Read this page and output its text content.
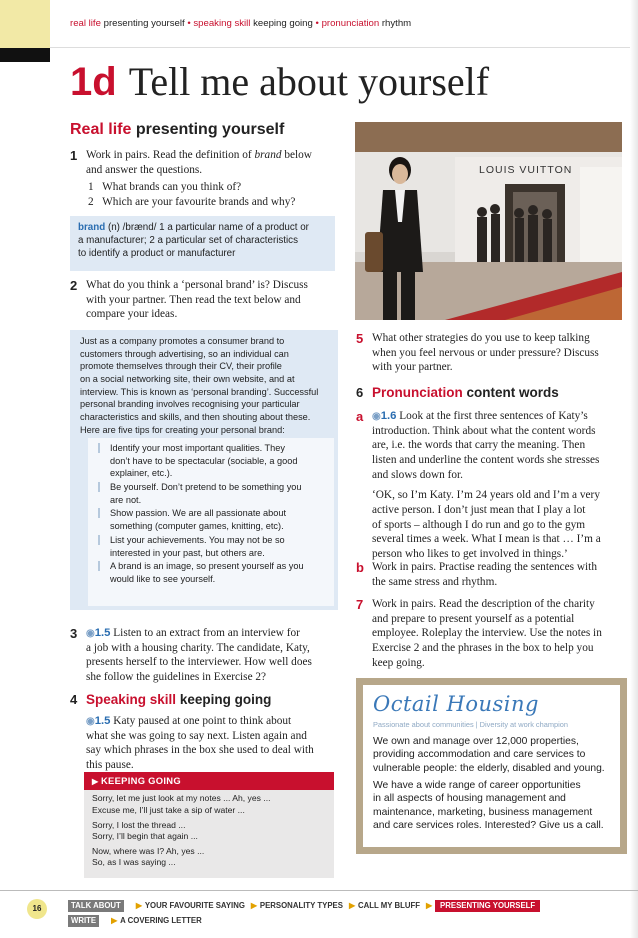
real life presenting yourself • speaking skill keeping going • pronunciation rhythm
1d Tell me about yourself
Real life presenting yourself
1 Work in pairs. Read the definition of brand below
and answer the questions.
1 What brands can you think of?
2 Which are your favourite brands and why?
brand (n) /brænd/ 1 a particular name of a product or
a manufacturer; 2 a particular set of characteristics
to identify a product or manufacturer
2 What do you think a ‘personal brand’ is? Discuss
with your partner. Then read the text below and
compare your ideas.
Just as a company promotes a consumer brand to
customers through advertising, so an individual can
promote themselves through their CV, their profile
on a social networking site, their own website, and at
interview. This is known as ‘personal branding’. Successful
personal branding involves recognising your particular
characteristics and skills, and then shouting about these.
Here are five tips for creating your personal brand:
Identify your most important qualities. They
don’t have to be spectacular (sociable, a good
explainer, etc.).
Be yourself. Don’t pretend to be something you
are not.
Show passion. We are all passionate about
something (computer games, knitting, etc).
List your achievements. You may not be so
interested in your past, but others are.
A brand is an image, so present yourself as you
would like to see yourself.
3	◉ 1.5 Listen to an extract from an interview for
a job with a housing charity. The candidate, Katy,
presents herself to the interviewer. How well does
she follow the guidelines in Exercise 2?
4 Speaking skill keeping going
◉ 1.5 Katy paused at one point to think about
what she was going to say next. Listen again and
say which phrases in the box she used to deal with
this pause.
▶ KEEPING GOING
Sorry, let me just look at my notes ... Ah, yes ...
Excuse me, I’ll just take a sip of water ...
Sorry, I lost the thread ...
Sorry, I’ll begin that again ...
Now, where was I? Ah, yes ...
So, as I was saying ...
LOUIS VUITTON
5 What other strategies do you use to keep talking
when you feel nervous or under pressure? Discuss
with your partner.
6 Pronunciation content words
a	◉ 1.6 Look at the first three sentences of Katy’s
introduction. Think about what the content words
are, i.e. the words that carry the meaning. Then
listen and underline the content words she stresses
and slows down for.
‘OK, so I’m Katy. I’m 24 years old and I’m a very
active person. I don’t just mean that I play a lot
of sports – although I do run and go to the gym
several times a week. What I mean is that … I’m a
person who likes to get involved in things.’
b Work in pairs. Practise reading the sentences with
the same stress and rhythm.
7 Work in pairs. Read the description of the charity
and prepare to present yourself as a potential
employee. Roleplay the interview. Use the notes in
Exercise 2 and the phrases in the box to help you
keep going.
Octail Housing
Passionate about communities | Diversity at work champion

We own and manage over 12,000 properties,
providing accommodation and care services to
vulnerable people: the elderly, disabled and young.

We have a wide range of career opportunities
in all aspects of housing management and
maintenance, marketing, business management
and care services roles. Interested? Give us a call.

16	TALK ABOUT ▶ YOUR FAVOURITE SAYING ▶ PERSONALITY TYPES ▶ CALL MY BLUFF ▶ PRESENTING YOURSELF
WRITE ▶ A COVERING LETTER
